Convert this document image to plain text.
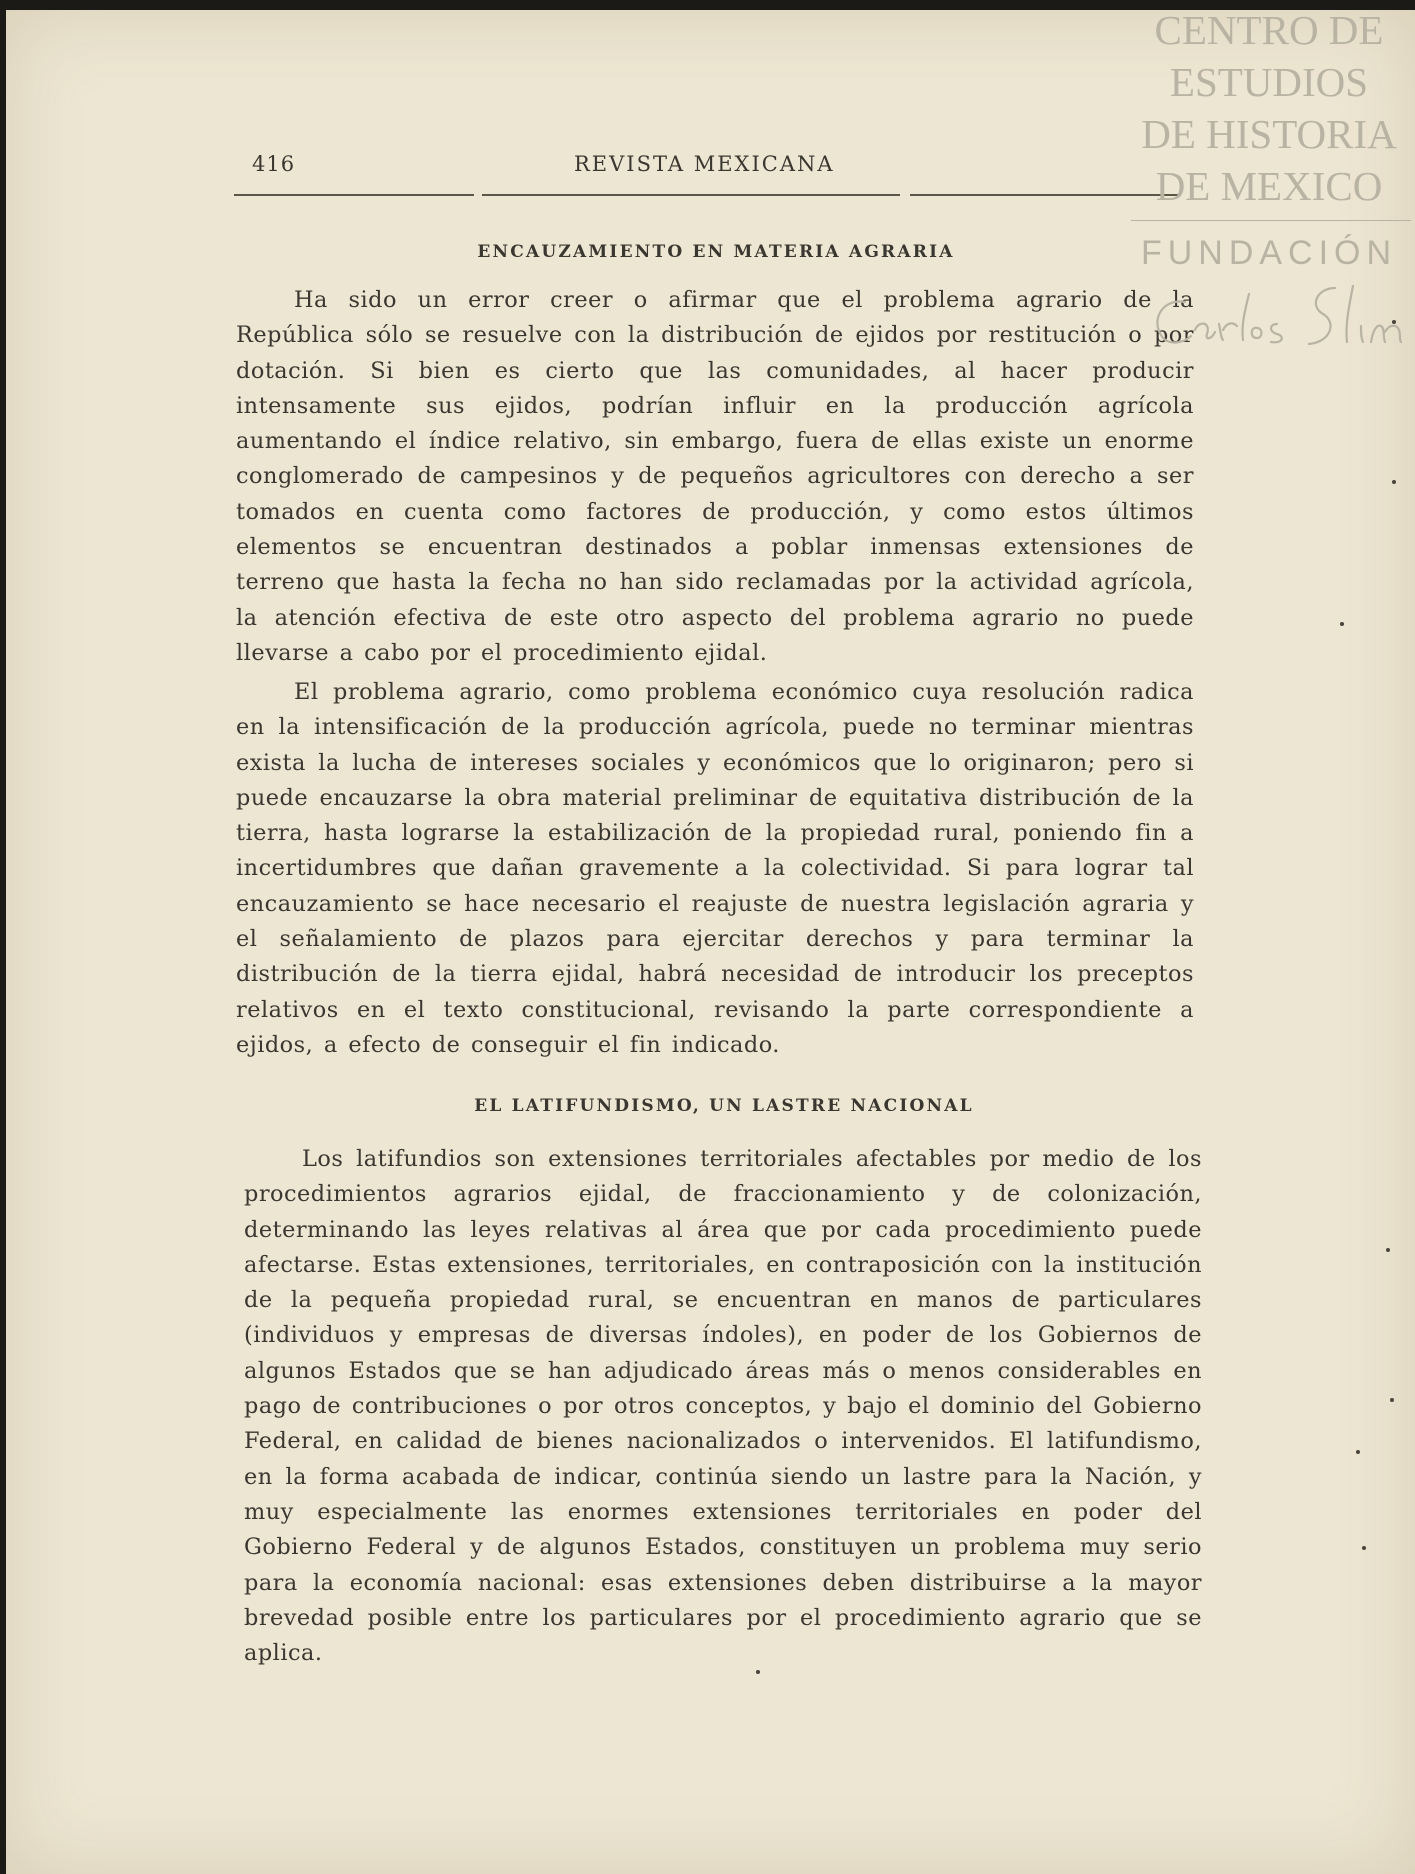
416	REVISTA MEXICANA
ENCAUZAMIENTO EN MATERIA AGRARIA

Ha sido un error creer o afirmar que el problema agrario de la República sólo se resuelve con la distribución de ejidos por restitución o por dotación. Si bien es cierto que las comunidades, al hacer producir intensamente sus ejidos, podrían influir en la producción agrícola aumentando el índice relativo, sin embargo, fuera de ellas existe un enorme conglomerado de campesinos y de pequeños agricultores con derecho a ser tomados en cuenta como factores de producción, y como estos últimos elementos se encuentran destinados a poblar inmensas extensiones de terreno que hasta la fecha no han sido reclamadas por la actividad agrícola, la atención efectiva de este otro aspecto del problema agrario no puede llevarse a cabo por el procedimiento ejidal.

El problema agrario, como problema económico cuya resolución radica en la intensificación de la producción agrícola, puede no terminar mientras exista la lucha de intereses sociales y económicos que lo originaron; pero si puede encauzarse la obra material preliminar de equitativa distribución de la tierra, hasta lograrse la estabilización de la propiedad rural, poniendo fin a incertidumbres que dañan gravemente a la colectividad. Si para lograr tal encauzamiento se hace necesario el reajuste de nuestra legislación agraria y el señalamiento de plazos para ejercitar derechos y para terminar la distribución de la tierra ejidal, habrá necesidad de introducir los preceptos relativos en el texto constitucional, revisando la parte correspondiente a ejidos, a efecto de conseguir el fin indicado.

EL LATIFUNDISMO, UN LASTRE NACIONAL

Los latifundios son extensiones territoriales afectables por medio de los procedimientos agrarios ejidal, de fraccionamiento y de colonización, determinando las leyes relativas al área que por cada procedimiento puede afectarse. Estas extensiones, territoriales, en contraposición con la institución de la pequeña propiedad rural, se encuentran en manos de particulares (individuos y empresas de diversas índoles), en poder de los Gobiernos de algunos Estados que se han adjudicado áreas más o menos considerables en pago de contribuciones o por otros conceptos, y bajo el dominio del Gobierno Federal, en calidad de bienes nacionalizados o intervenidos. El latifundismo, en la forma acabada de indicar, continúa siendo un lastre para la Nación, y muy especialmente las enormes extensiones territoriales en poder del Gobierno Federal y de algunos Estados, constituyen un problema muy serio para la economía nacional: esas extensiones deben distribuirse a la mayor brevedad posible entre los particulares por el procedimiento agrario que se aplica.

CENTRO DE
ESTUDIOS
DE HISTORIA
DE MEXICO
FUNDACIÓN
